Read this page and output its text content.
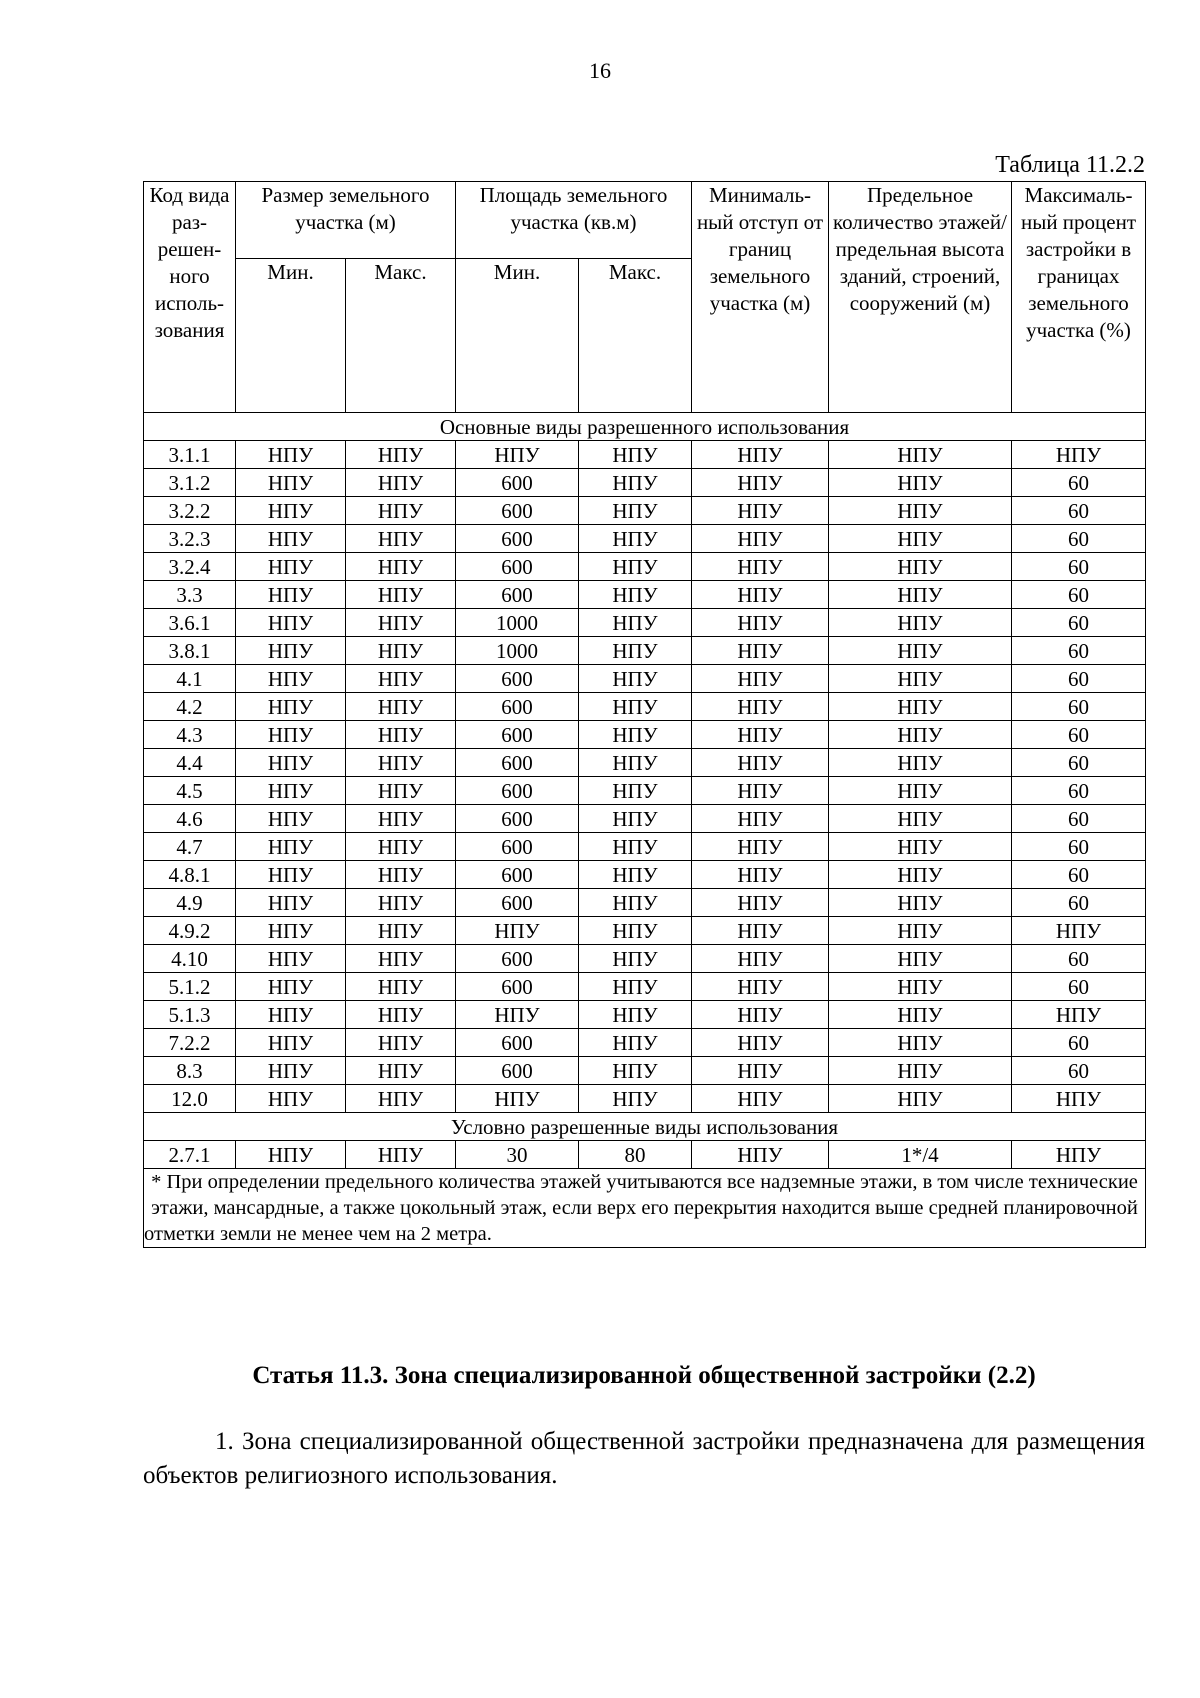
16
Таблица 11.2.2
Код вида раз-решен-ного исполь-зования	Размер земельного участка (м)		Площадь земельного участка (кв.м)		Минималь-ный отступ от границ земельного участка (м)	Предельное количество этажей/ предельная высота зданий, строений, сооружений (м)	Максималь-ный процент застройки в границах земельного участка (%)
	Мин.	Макс.	Мин.	Макс.			
Основные виды разрешенного использования							
3.1.1	НПУ	НПУ	НПУ	НПУ	НПУ	НПУ	НПУ
3.1.2	НПУ	НПУ	600	НПУ	НПУ	НПУ	60
3.2.2	НПУ	НПУ	600	НПУ	НПУ	НПУ	60
3.2.3	НПУ	НПУ	600	НПУ	НПУ	НПУ	60
3.2.4	НПУ	НПУ	600	НПУ	НПУ	НПУ	60
3.3	НПУ	НПУ	600	НПУ	НПУ	НПУ	60
3.6.1	НПУ	НПУ	1000	НПУ	НПУ	НПУ	60
3.8.1	НПУ	НПУ	1000	НПУ	НПУ	НПУ	60
4.1	НПУ	НПУ	600	НПУ	НПУ	НПУ	60
4.2	НПУ	НПУ	600	НПУ	НПУ	НПУ	60
4.3	НПУ	НПУ	600	НПУ	НПУ	НПУ	60
4.4	НПУ	НПУ	600	НПУ	НПУ	НПУ	60
4.5	НПУ	НПУ	600	НПУ	НПУ	НПУ	60
4.6	НПУ	НПУ	600	НПУ	НПУ	НПУ	60
4.7	НПУ	НПУ	600	НПУ	НПУ	НПУ	60
4.8.1	НПУ	НПУ	600	НПУ	НПУ	НПУ	60
4.9	НПУ	НПУ	600	НПУ	НПУ	НПУ	60
4.9.2	НПУ	НПУ	НПУ	НПУ	НПУ	НПУ	НПУ
4.10	НПУ	НПУ	600	НПУ	НПУ	НПУ	60
5.1.2	НПУ	НПУ	600	НПУ	НПУ	НПУ	60
5.1.3	НПУ	НПУ	НПУ	НПУ	НПУ	НПУ	НПУ
7.2.2	НПУ	НПУ	600	НПУ	НПУ	НПУ	60
8.3	НПУ	НПУ	600	НПУ	НПУ	НПУ	60
12.0	НПУ	НПУ	НПУ	НПУ	НПУ	НПУ	НПУ
Условно разрешенные виды использования							
2.7.1	НПУ	НПУ	30	80	НПУ	1*/4	НПУ
* При определении предельного количества этажей учитываются все надземные этажи, в том числе технические этажи, мансардные, а также цокольный этаж, если верх его перекрытия находится выше средней планировочной отметки земли не менее чем на 2 метра.							
Статья 11.3. Зона специализированной общественной застройки (2.2)
1. Зона специализированной общественной застройки предназначена для размещения объектов религиозного использования.
